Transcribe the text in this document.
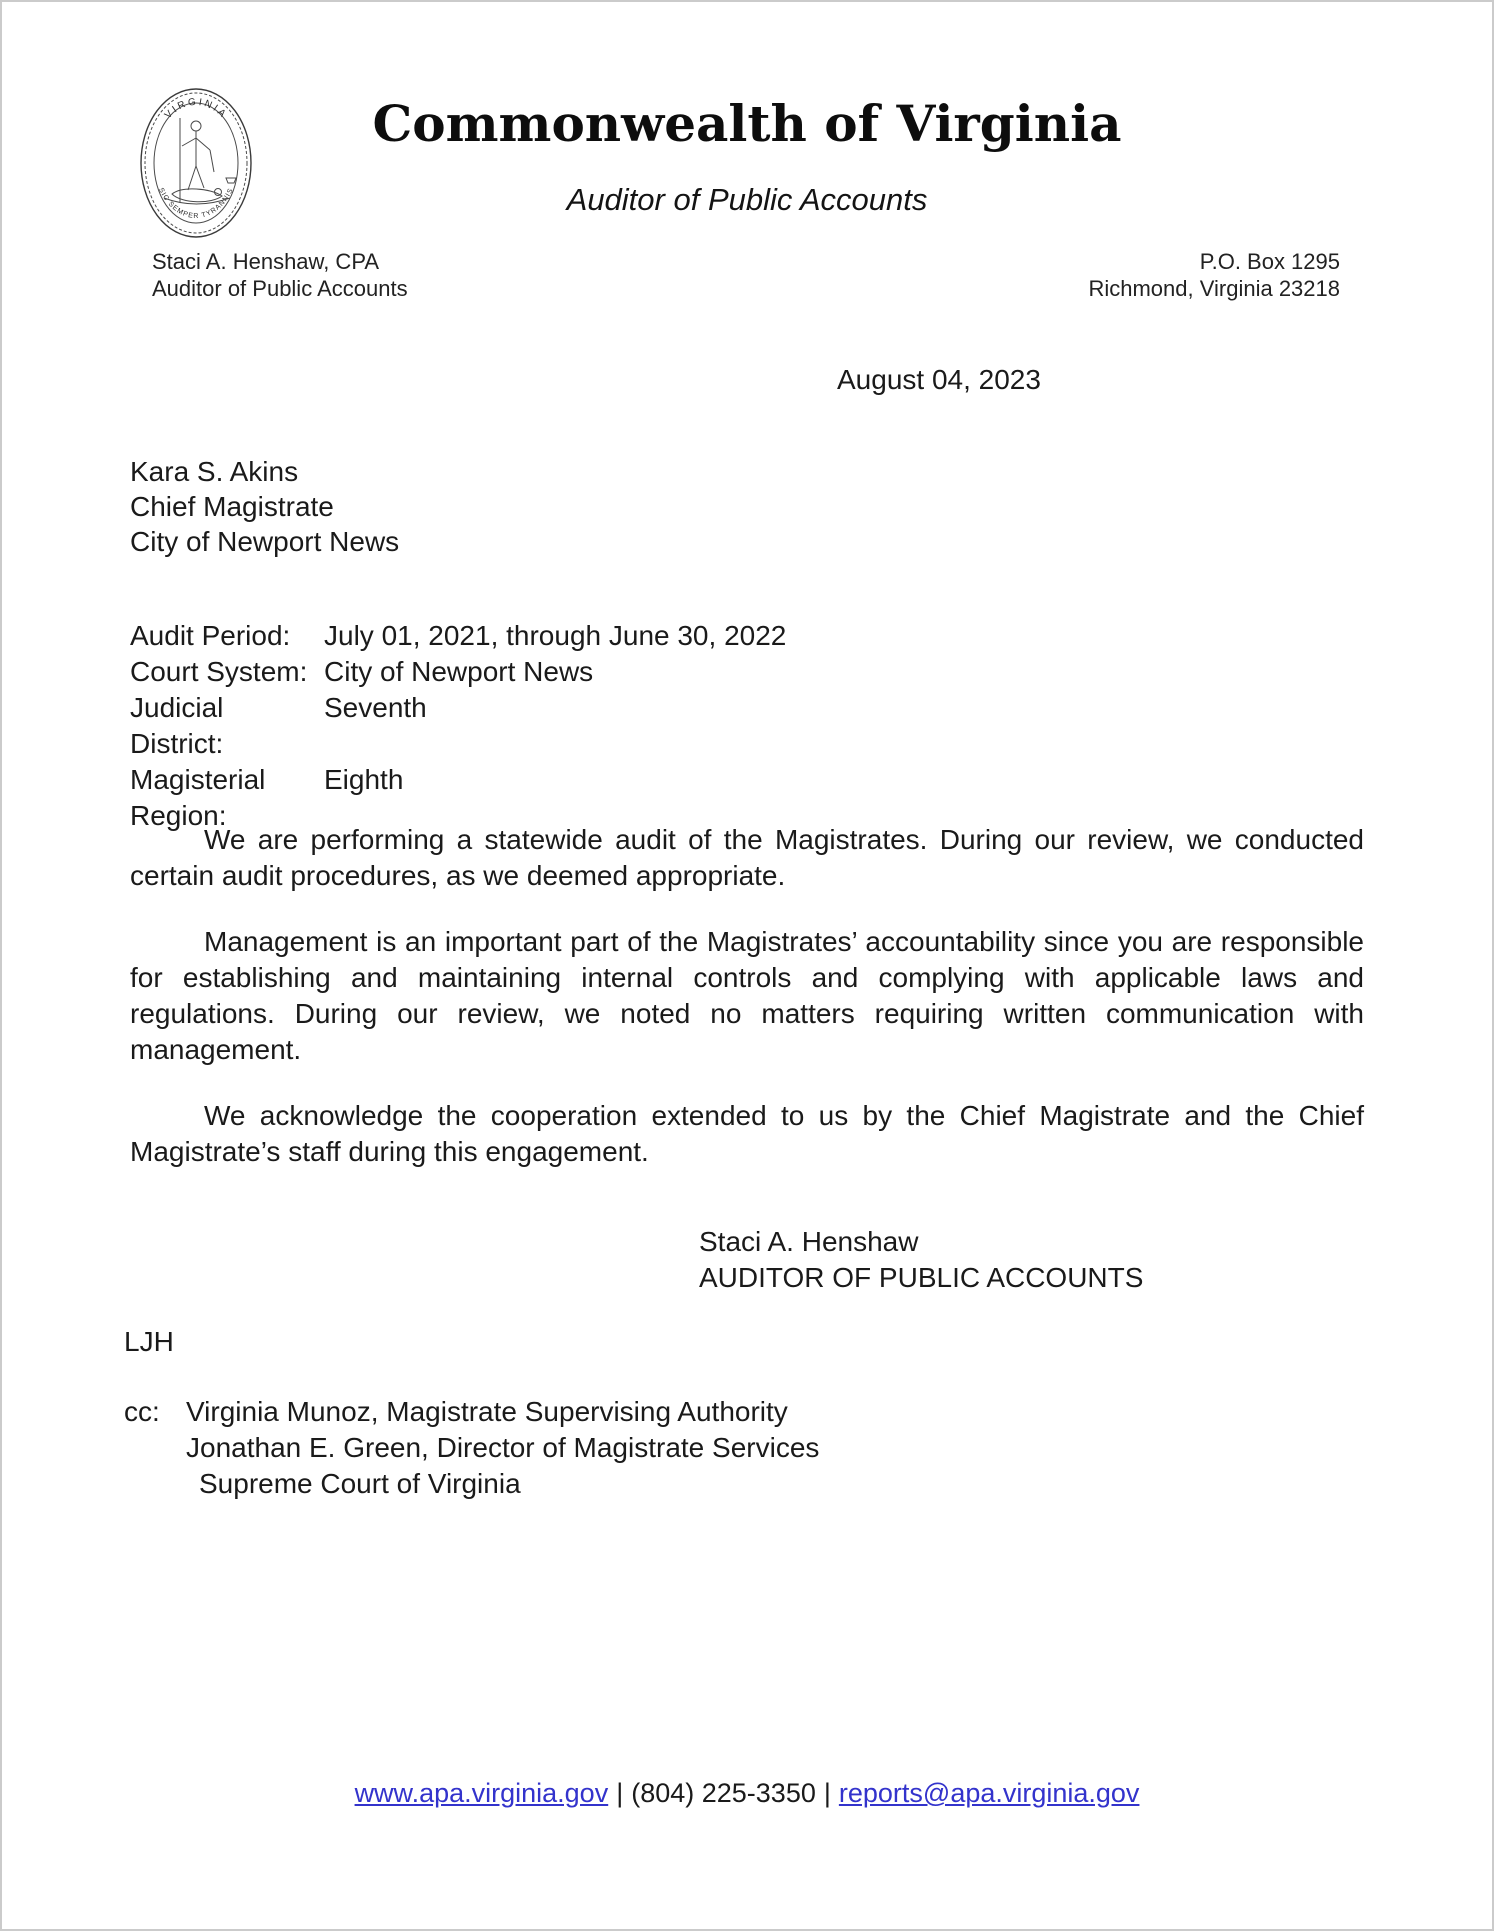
VIRGINIA
SIC SEMPER TYRANNIS
Commonwealth of Virginia
Auditor of Public Accounts
Staci A. Henshaw, CPA
Auditor of Public Accounts
P.O. Box 1295
Richmond, Virginia 23218
August 04, 2023
Kara S. Akins
Chief Magistrate
City of Newport News
Audit Period:	July 01, 2021, through June 30, 2022
Court System: City of Newport News
Judicial District:
Seventh
Magisterial Region:
Eighth

We are performing a statewide audit of the Magistrates. During our review, we conducted certain audit procedures, as we deemed appropriate.

Management is an important part of the Magistrates’ accountability since you are responsible for establishing and maintaining internal controls and complying with applicable laws and regulations. During our review, we noted no matters requiring written communication with management.

We acknowledge the cooperation extended to us by the Chief Magistrate and the Chief Magistrate’s staff during this engagement.

Staci A. Henshaw
AUDITOR OF PUBLIC ACCOUNTS
LJH
cc: Virginia Munoz, Magistrate Supervising Authority
Jonathan E. Green, Director of Magistrate Services
Supreme Court of Virginia
www.apa.virginia.gov | (804) 225-3350 | reports@apa.virginia.gov
